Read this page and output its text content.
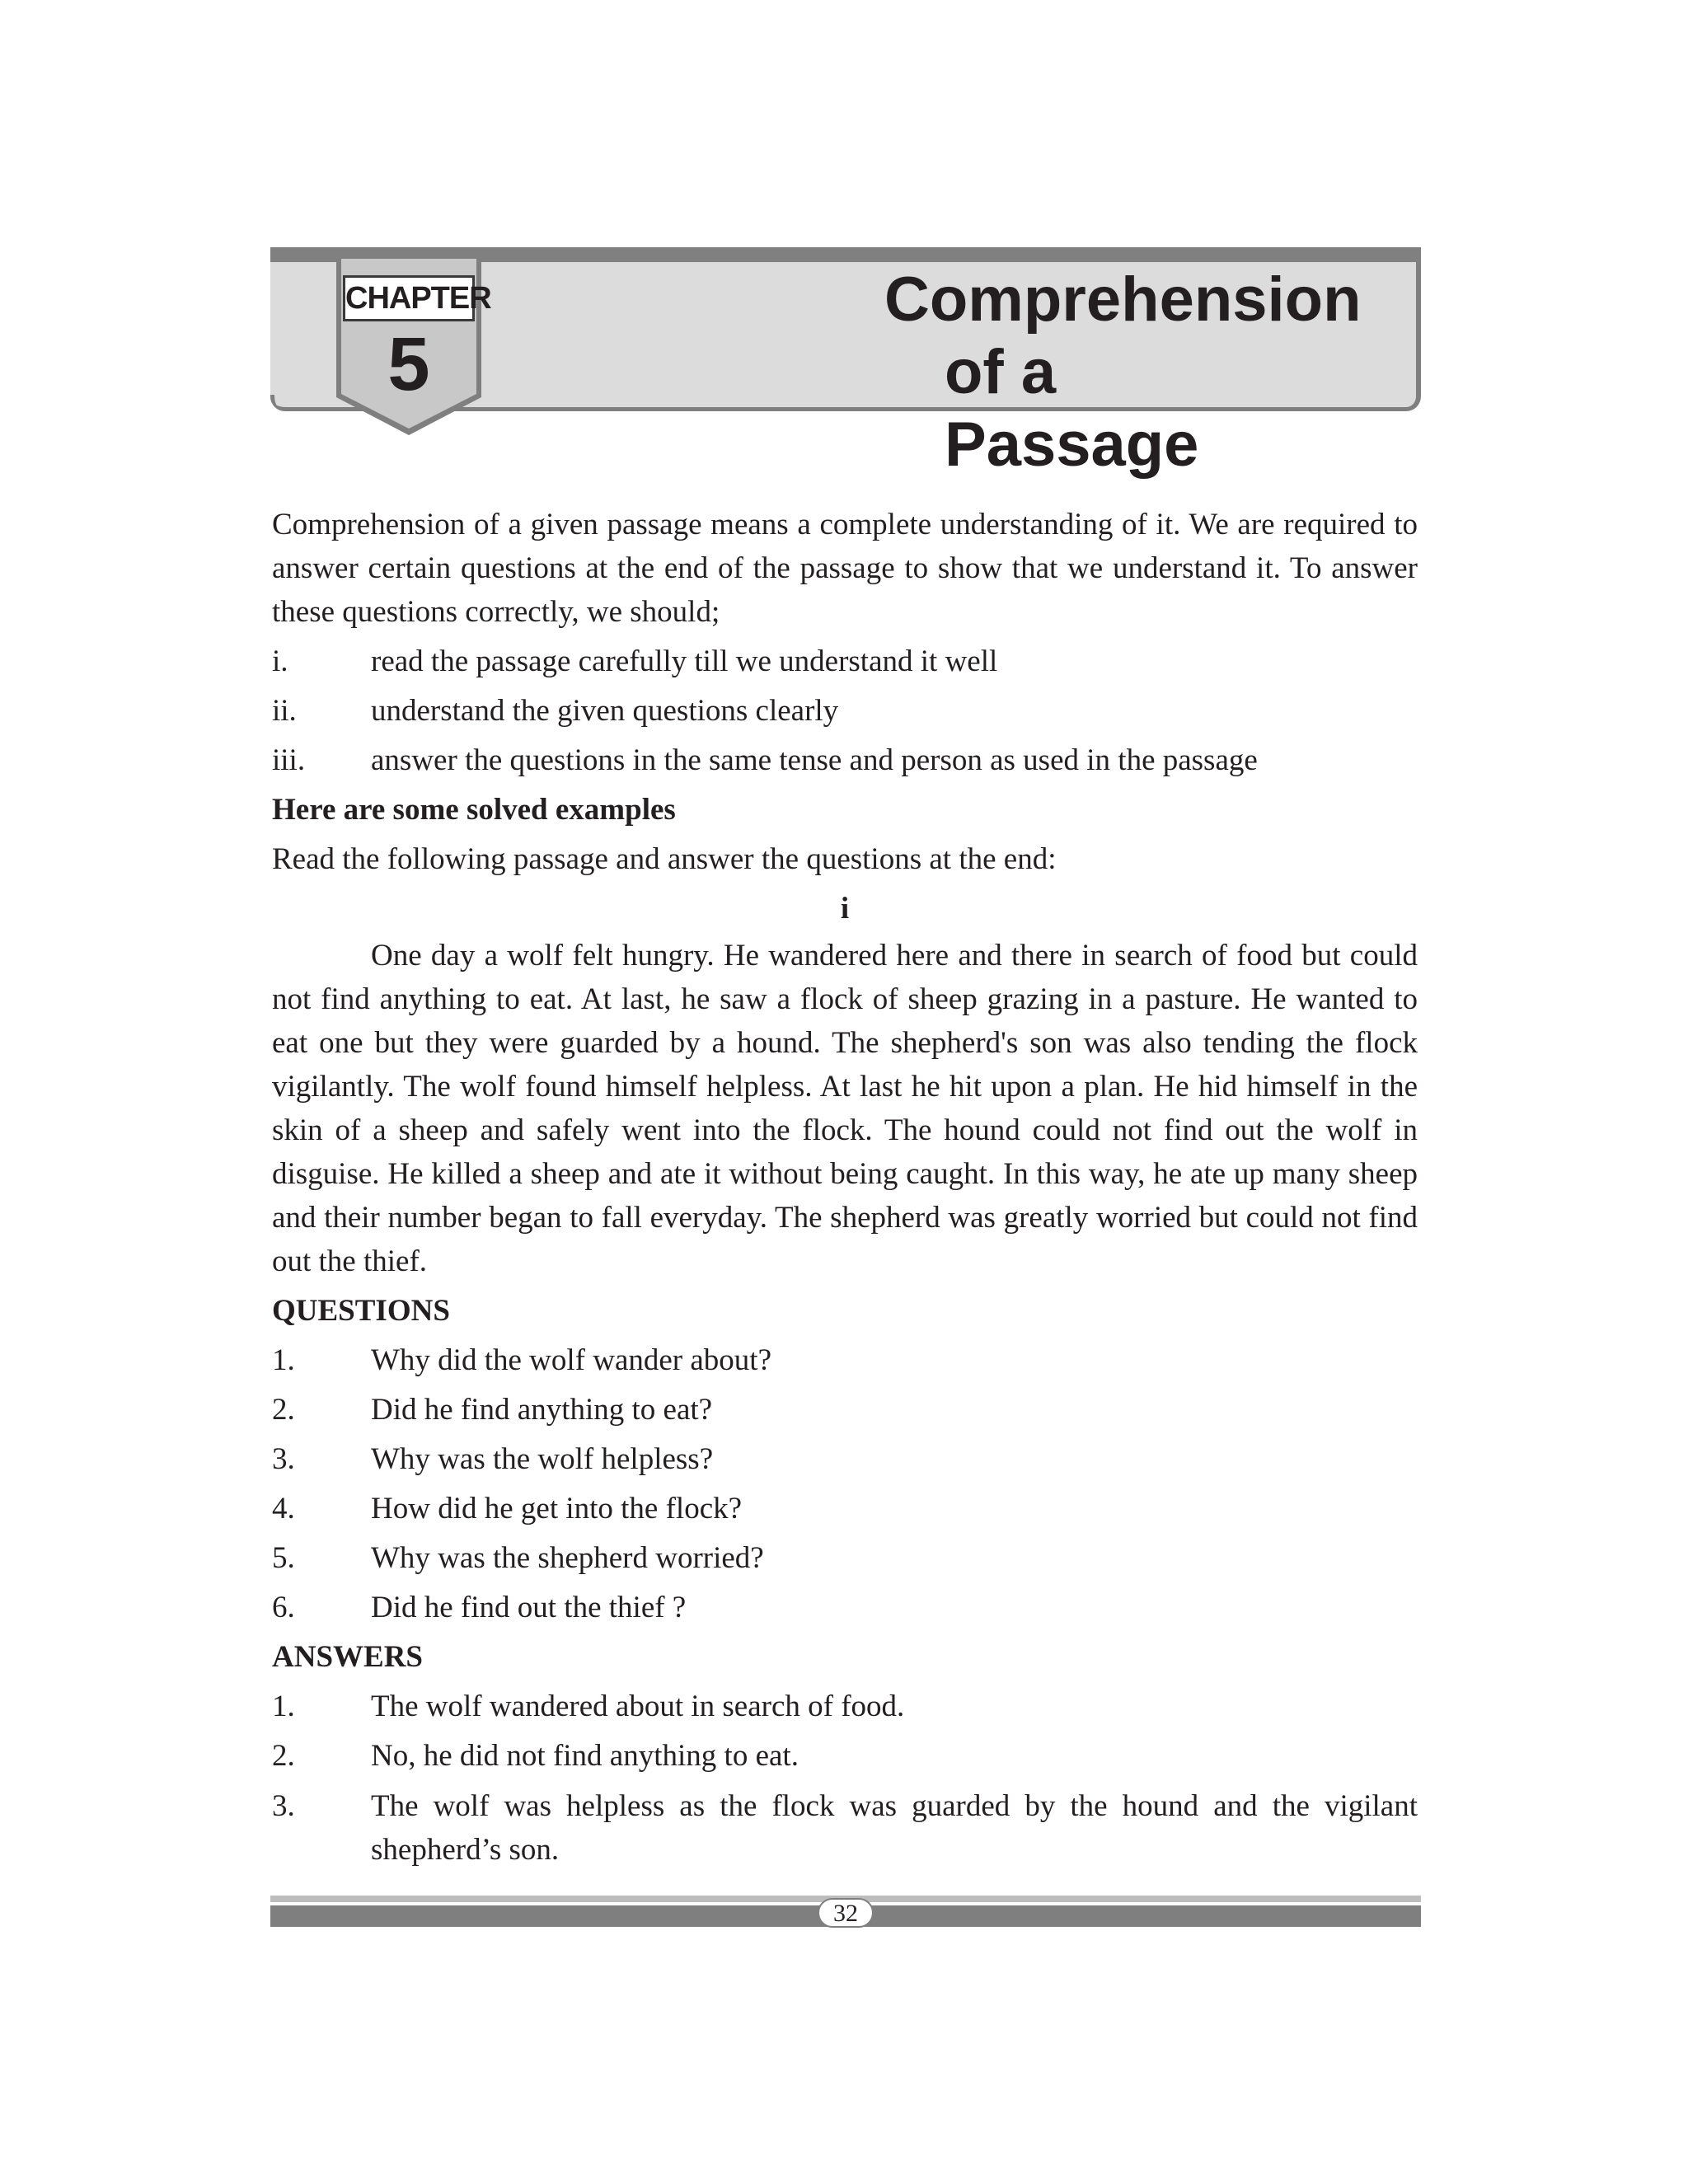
CHAPTER
5
Comprehension
of a Passage

Comprehension of a given passage means a complete understanding of it. We are required to answer certain questions at the end of the passage to show that we understand it. To answer these questions correctly, we should;

i.	read the passage carefully till we understand it well
ii.	understand the given questions clearly
iii.	answer the questions in the same tense and person as used in the passage

Here are some solved examples

Read the following passage and answer the questions at the end:

i

One day a wolf felt hungry. He wandered here and there in search of food but could not find anything to eat. At last, he saw a flock of sheep grazing in a pasture. He wanted to eat one but they were guarded by a hound. The shepherd's son was also tending the flock vigilantly. The wolf found himself helpless. At last he hit upon a plan. He hid himself in the skin of a sheep and safely went into the flock. The hound could not find out the wolf in disguise. He killed a sheep and ate it without being caught. In this way, he ate up many sheep and their number began to fall everyday. The shepherd was greatly worried but could not find out the thief.

QUESTIONS

1.	Why did the wolf wander about?
2.	Did he find anything to eat?
3.	Why was the wolf helpless?
4.	How did he get into the flock?
5.	Why was the shepherd worried?
6.	Did he find out the thief ?

ANSWERS

1.	The wolf wandered about in search of food.
2.	No, he did not find anything to eat.
3.	The wolf was helpless as the flock was guarded by the hound and the vigilant shepherd’s son.
32
